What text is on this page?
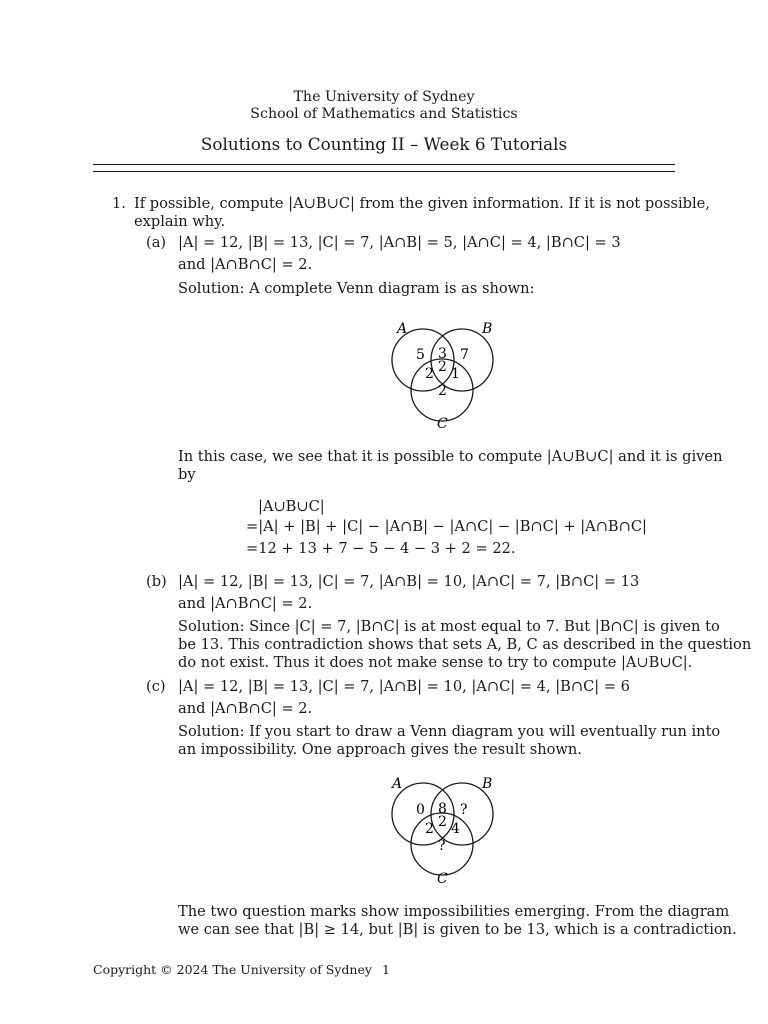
The University of Sydney
School of Mathematics and Statistics
Solutions to Counting II – Week 6 Tutorials
1. If possible, compute |A∪B∪C| from the given information. If it is not possible,
explain why.
(a) |A| = 12, |B| = 13, |C| = 7, |A∩B| = 5, |A∩C| = 4, |B∩C| = 3
and |A∩B∩C| = 2.
Solution: A complete Venn diagram is as shown:
A	B
C
5 3 7
2
2 1
2
In this case, we see that it is possible to compute |A∪B∪C| and it is given
by
|A∪B∪C|
=|A| + |B| + |C| − |A∩B| − |A∩C| − |B∩C| + |A∩B∩C|
=12 + 13 + 7 − 5 − 4 − 3 + 2 = 22.
(b) |A| = 12, |B| = 13, |C| = 7, |A∩B| = 10, |A∩C| = 7, |B∩C| = 13
and |A∩B∩C| = 2.
Solution: Since |C| = 7, |B∩C| is at most equal to 7. But |B∩C| is given to
be 13. This contradiction shows that sets A, B, C as described in the question
do not exist. Thus it does not make sense to try to compute |A∪B∪C|.
(c) |A| = 12, |B| = 13, |C| = 7, |A∩B| = 10, |A∩C| = 4, |B∩C| = 6
and |A∩B∩C| = 2.
Solution: If you start to draw a Venn diagram you will eventually run into
an impossibility. One approach gives the result shown.
A	B
C
0 8 ?
2
2 4
?
The two question marks show impossibilities emerging. From the diagram
we can see that |B| ≥ 14, but |B| is given to be 13, which is a contradiction.
Copyright © 2024 The University of Sydney 1
